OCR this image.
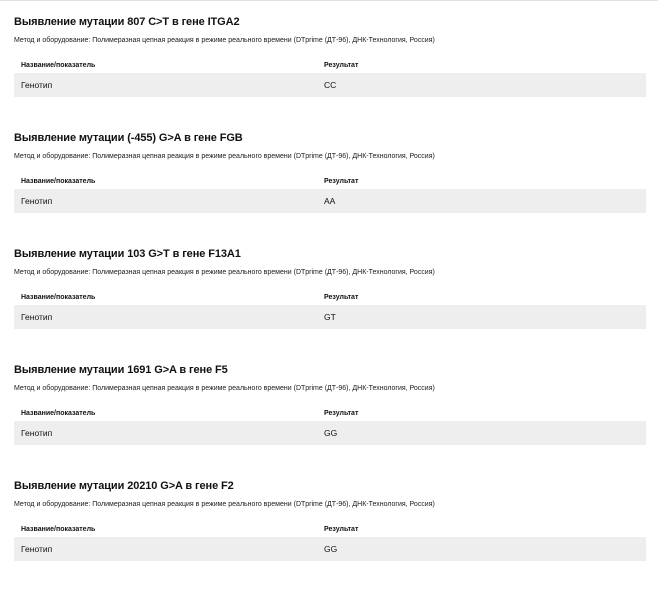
Выявление мутации 807 С>Т в гене ITGA2
Метод и оборудование: Полимеразная цепная реакция в режиме реального времени (DTprime (ДТ-96), ДНК-Технология, Россия)
Название/показатель	Результат
Генотип	CC
Выявление мутации (-455) G>A в гене FGB
Метод и оборудование: Полимеразная цепная реакция в режиме реального времени (DTprime (ДТ-96), ДНК-Технология, Россия)
Название/показатель	Результат
Генотип	AA
Выявление мутации 103 G>T в гене F13A1
Метод и оборудование: Полимеразная цепная реакция в режиме реального времени (DTprime (ДТ-96), ДНК-Технология, Россия)
Название/показатель	Результат
Генотип	GT
Выявление мутации 1691 G>A в гене F5
Метод и оборудование: Полимеразная цепная реакция в режиме реального времени (DTprime (ДТ-96), ДНК-Технология, Россия)
Название/показатель	Результат
Генотип	GG
Выявление мутации 20210 G>A в гене F2
Метод и оборудование: Полимеразная цепная реакция в режиме реального времени (DTprime (ДТ-96), ДНК-Технология, Россия)
Название/показатель	Результат
Генотип	GG
